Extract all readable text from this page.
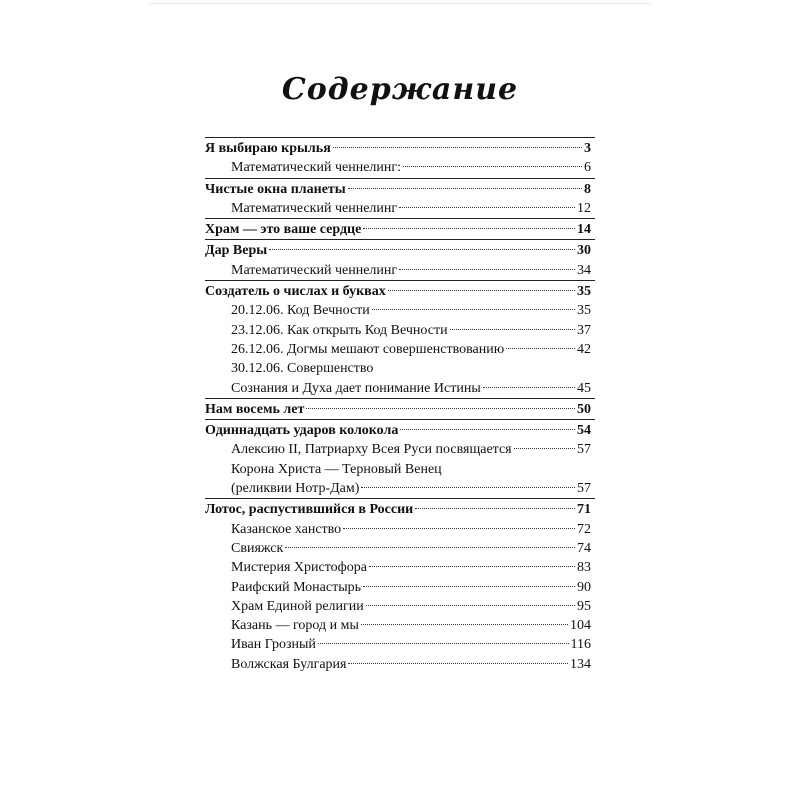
Содержание
Я выбираю крылья	3
Математический ченнелинг:	6
Чистые окна планеты	8
Математический ченнелинг	12
Храм — это ваше сердце	14
Дар Веры	30
Математический ченнелинг	34
Создатель о числах и буквах	35
20.12.06. Код Вечности	35
23.12.06. Как открыть Код Вечности	37
26.12.06. Догмы мешают совершенствованию	42
30.12.06. Совершенство
Сознания и Духа дает понимание Истины	45
Нам восемь лет	50
Одиннадцать ударов колокола	54
Алексию II, Патриарху Всея Руси посвящается	57
Корона Христа — Терновый Венец
(реликвии Нотр-Дам)	57
Лотос, распустившийся в России	71
Казанское ханство	72
Свияжск	74
Мистерия Христофора	83
Раифский Монастырь	90
Храм Единой религии	95
Казань — город и мы	104
Иван Грозный	116
Волжская Булгария	134
